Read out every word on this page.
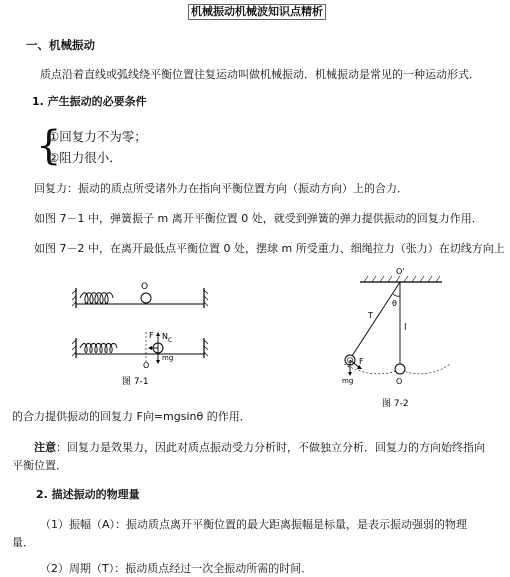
机械振动机械波知识点精析
一、机械振动
质点沿着直线或弧线绕平衡位置往复运动叫做机械振动．机械振动是常见的一种运动形式．
1. 产生振动的必要条件
{
①回复力不为零；
②阻力很小．
回复力：振动的质点所受诸外力在指向平衡位置方向（振动方向）上的合力．
如图 7－1 中，弹簧振子 m 离开平衡位置 0 处，就受到弹簧的弹力提供振动的回复力作用．
如图 7－2 中，在离开最低点平衡位置 0 处，摆球 m 所受重力、细绳拉力（张力）在切线方向上
O
F N C
mg
O
图 7-1
O'
θ
T
l
F
mg	O
图 7-2
的合力提供振动的回复力 F向=mgsinθ 的作用．
注意：回复力是效果力，因此对质点振动受力分析时，不做独立分析．回复力的方向始终指向
平衡位置．
2. 描述振动的物理量
（1）振幅（A）：振动质点离开平衡位置的最大距离振幅是标量，是表示振动强弱的物理
量．
（2）周期（T）：振动质点经过一次全振动所需的时间．
